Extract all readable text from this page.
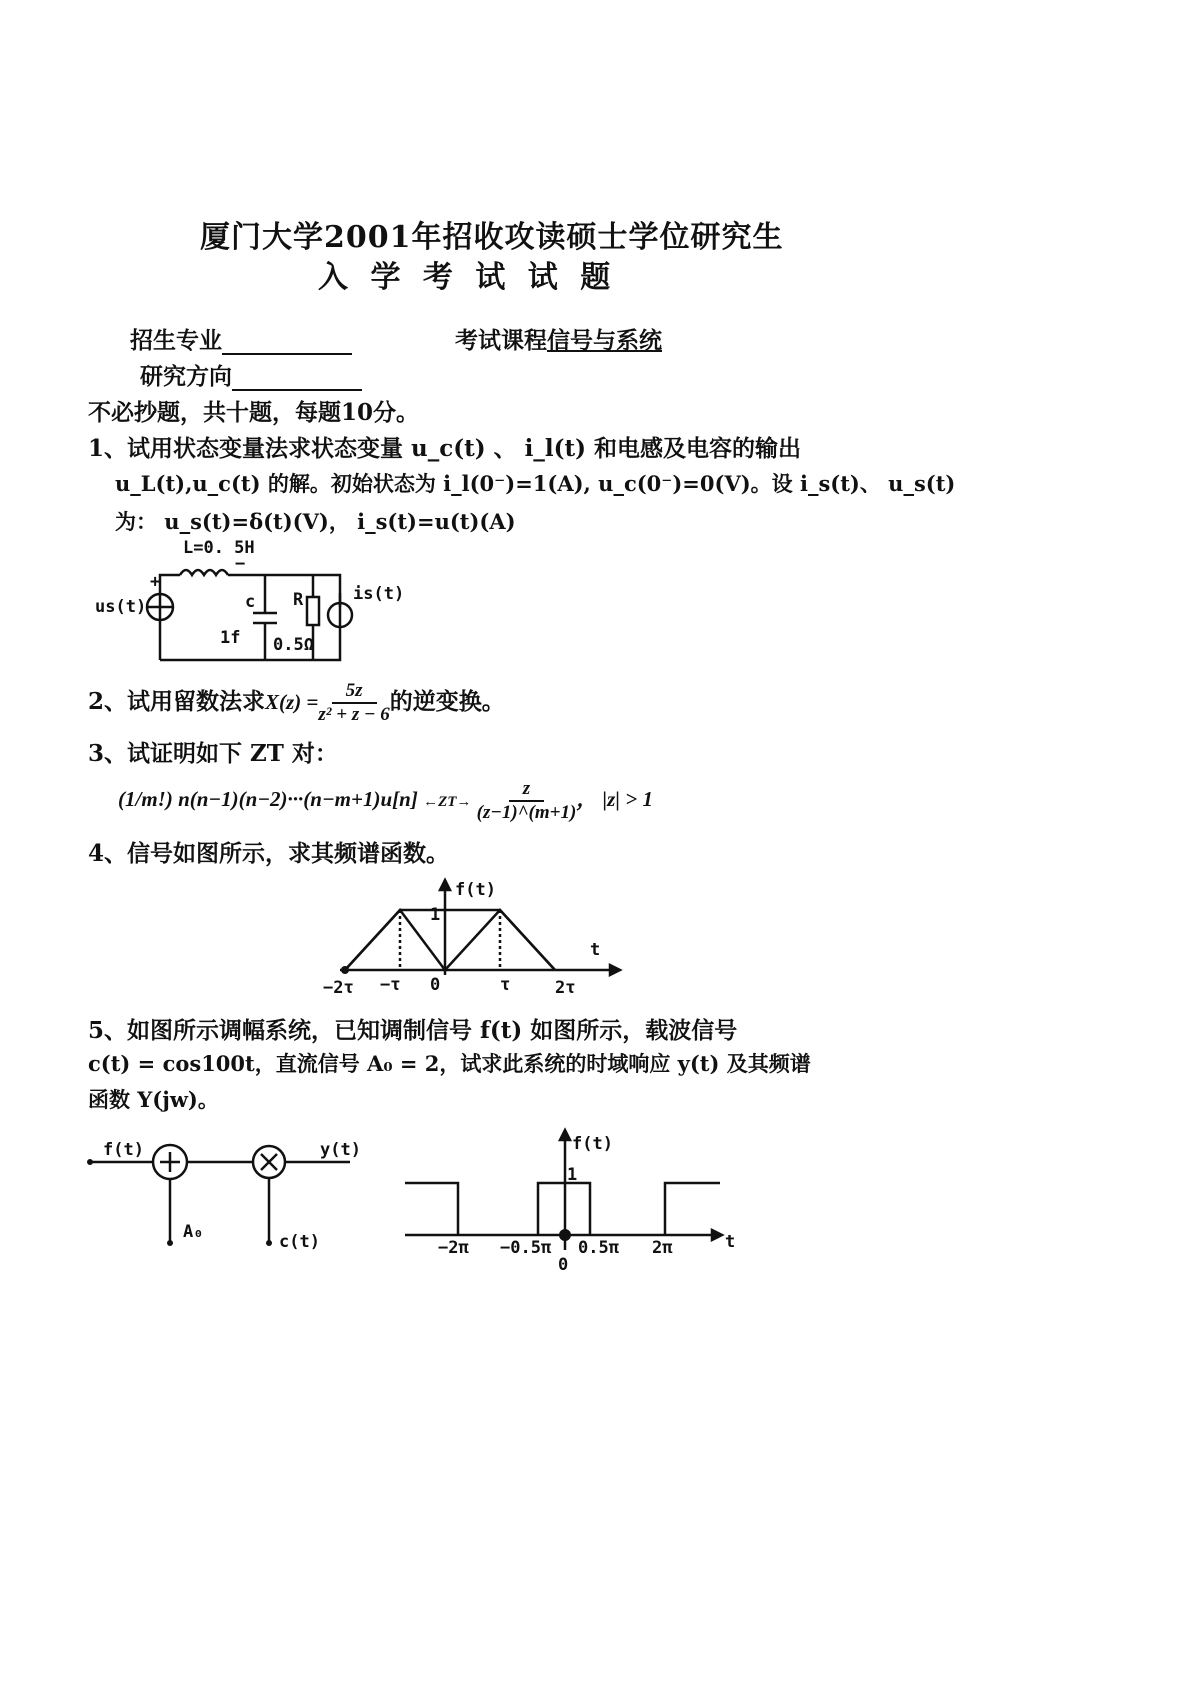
厦门大学2001年招收攻读硕士学位研究生
入 学 考 试 试 题
招生专业	考试课程信号与系统
研究方向
不必抄题，共十题，每题10分。
1、试用状态变量法求状态变量 u_c(t) 、 i_l(t) 和电感及电容的输出
u_L(t),u_c(t) 的解。初始状态为 i_l(0⁻)=1(A), u_c(0⁻)=0(V)。设 i_s(t)、 u_s(t)
为： u_s(t)=δ(t)(V)， i_s(t)=u(t)(A)
L=0. 5H
us(t)	c
1f
R
0.5Ω
is(t)
+
−
2、试用留数法求$X(z) = \frac{5z}{\text{z² + z − 6}}$ 的逆变换。
3、试证明如下 ZT 对：
(1/m!) n(n−1)(n−2)···(n−m+1)u[n] ←ZT→ $\frac{z}{(z-1)\^{}(m+1)}$ ， |z| > 1
4、信号如图所示，求其频谱函数。
f(t)
t
1
−2τ −τ 0	τ	2τ
5、如图所示调幅系统，已知调制信号 f(t) 如图所示，载波信号
c(t) = cos100t，直流信号 A₀ = 2，试求此系统的时域响应 y(t) 及其频谱
函数 Y(jw)。
f(t)	y(t)
A₀	c(t)
f(t)
t
1
−2π −0.5π 0.5π 2π
0
